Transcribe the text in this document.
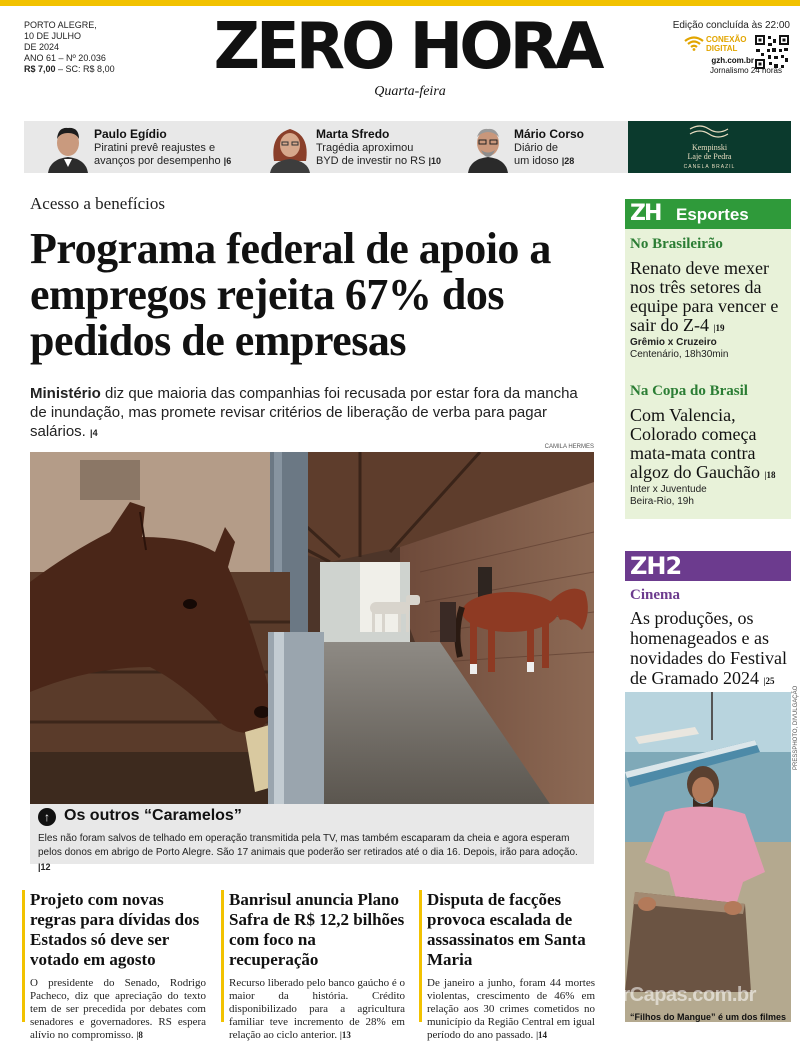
PORTO ALEGRE,
10 DE JULHO
DE 2024
ANO 61 – Nº 20.036
R$ 7,00 – SC: R$ 8,00	ZERO HORA
Quarta-feira
Edição concluída às 22:00
CONEXÃO
DIGITAL
gzh.com.br
Jornalismo 24 horas
Paulo Egídio
Piratini prevê reajustes e
avanços por desempenho |6
Marta Sfredo
Tragédia aproximou
BYD de investir no RS |10
Mário Corso
Diário de
um idoso |28
Kempinski
Laje de Pedra
CANELA BRAZIL
Acesso a benefícios
Programa federal de apoio a empregos rejeita 67% dos pedidos de empresas
Ministério diz que maioria das companhias foi recusada por estar fora da mancha de inundação, mas promete revisar critérios de liberação de verba para pagar salários. |4
CAMILA HERMES
↑ Os outros “Caramelos”
Eles não foram salvos de telhado em operação transmitida pela TV, mas também escaparam da cheia e agora esperam pelos donos em abrigo de Porto Alegre. São 17 animais que poderão ser retirados até o dia 16. Depois, irão para adoção. |12
Projeto com novas regras para dívidas dos Estados só deve ser votado em agosto
O presidente do Senado, Rodrigo Pacheco, diz que apreciação do texto tem de ser precedida por debates com senadores e governadores. RS espera alívio no compromisso. |8
Banrisul anuncia Plano Safra de R$ 12,2 bilhões com foco na recuperação
Recurso liberado pelo banco gaúcho é o maior da história. Crédito disponibilizado para a agricultura familiar teve incremento de 28% em relação ao ciclo anterior. |13
Disputa de facções provoca escalada de assassinatos em Santa Maria
De janeiro a junho, foram 44 mortes violentas, crescimento de 46% em relação aos 30 crimes cometidos no município da Região Central em igual período do ano passado. |14
ZH Esportes
No Brasileirão
Renato deve mexer nos três setores da equipe para vencer e sair do Z-4 |19
Grêmio x Cruzeiro
Centenário, 18h30min
Na Copa do Brasil
Com Valencia, Colorado começa mata-mata contra algoz do Gauchão |18
Inter x Juventude
Beira-Rio, 19h
ZH2
Cinema
As produções, os homenageados e as novidades do Festival de Gramado 2024 |25
PRESSPHOTO, DIVULGAÇÃO
VerCapas.com.br
“Filhos do Mangue” é um dos filmes
